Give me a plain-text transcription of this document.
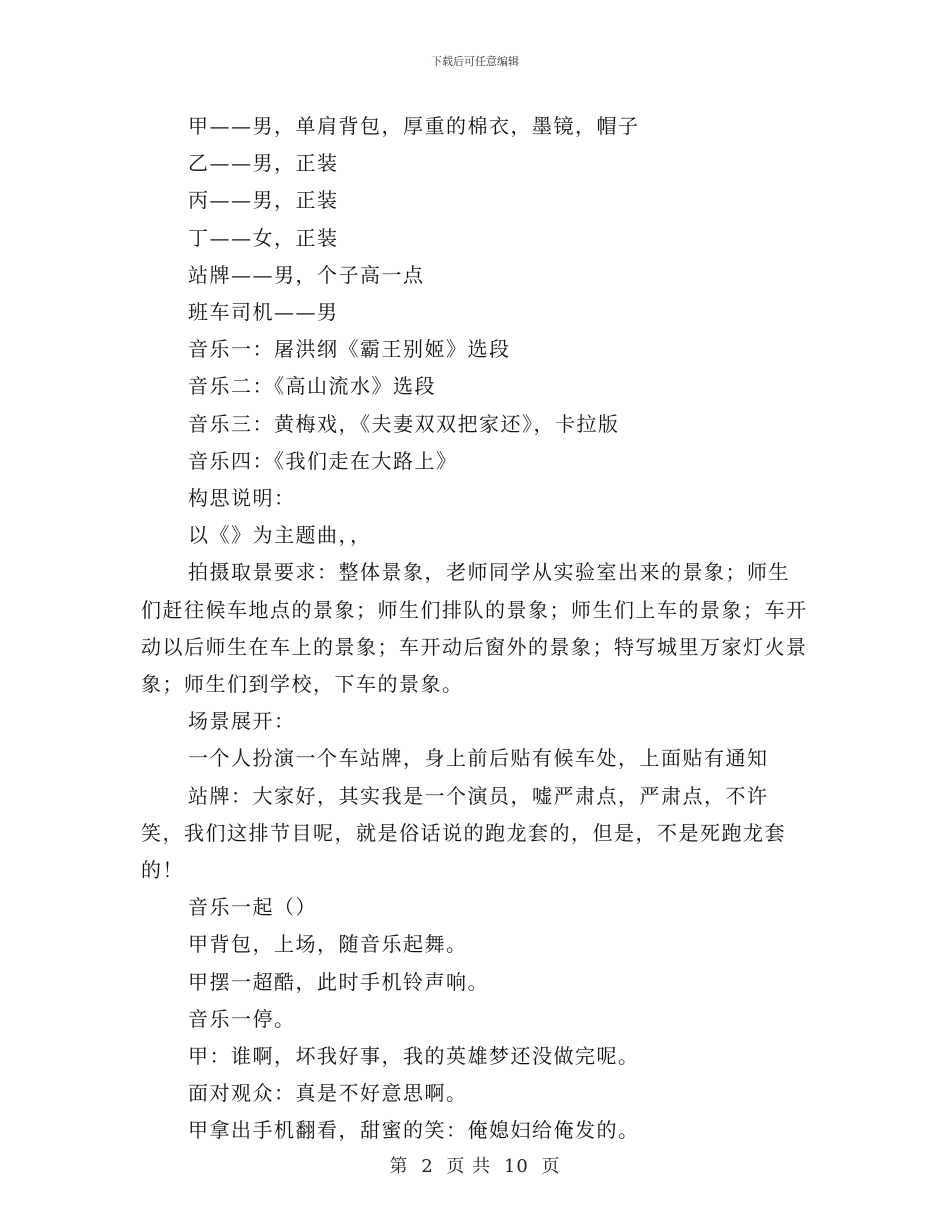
下载后可任意编辑

甲——男，单肩背包，厚重的棉衣，墨镜，帽子

乙——男，正装

丙——男，正装

丁——女，正装

站牌——男，个子高一点

班车司机——男

音乐一：屠洪纲《霸王别姬》选段

音乐二：《高山流水》选段

音乐三：黄梅戏，《夫妻双双把家还》，卡拉版

音乐四：《我们走在大路上》

构思说明：

以《》为主题曲，，

拍摄取景要求：整体景象，老师同学从实验室出来的景象；师生们赶往候车地点的景象；师生们排队的景象；师生们上车的景象；车开动以后师生在车上的景象；车开动后窗外的景象；特写城里万家灯火景象；师生们到学校，下车的景象。

场景展开：

一个人扮演一个车站牌，身上前后贴有候车处，上面贴有通知

站牌：大家好，其实我是一个演员，嘘严肃点，严肃点，不许笑，我们这排节目呢，就是俗话说的跑龙套的，但是，不是死跑龙套的！

音乐一起（）

甲背包，上场，随音乐起舞。

甲摆一超酷，此时手机铃声响。

音乐一停。

甲：谁啊，坏我好事，我的英雄梦还没做完呢。

面对观众：真是不好意思啊。

甲拿出手机翻看，甜蜜的笑：俺媳妇给俺发的。

第 2 页 共 10 页
